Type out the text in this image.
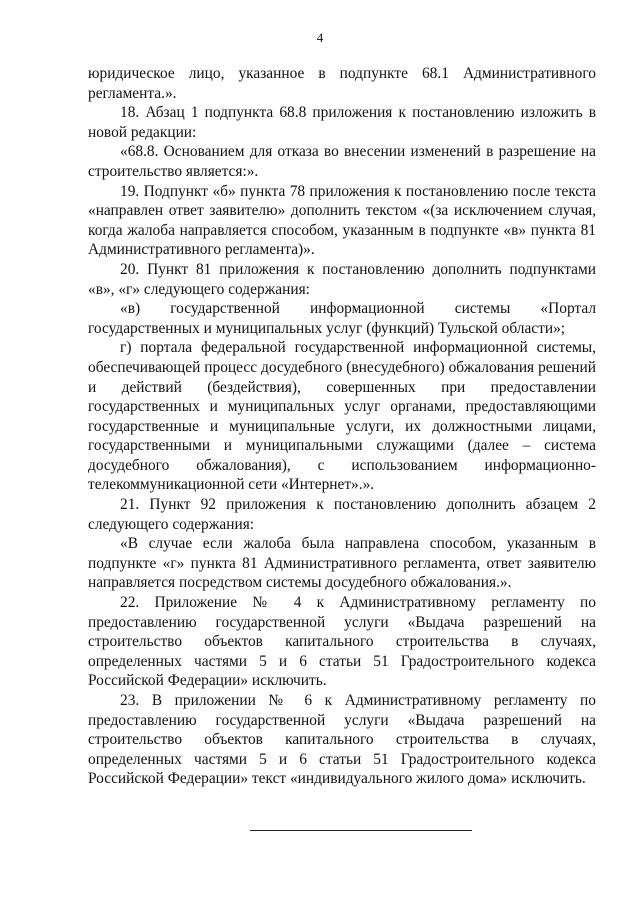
4

юридическое лицо, указанное в подпункте 68.1 Административного регламента.».

18. Абзац 1 подпункта 68.8 приложения к постановлению изложить в новой редакции:

«68.8. Основанием для отказа во внесении изменений в разрешение на строительство является:».

19. Подпункт «б» пункта 78 приложения к постановлению после текста «направлен ответ заявителю» дополнить текстом «(за исключением случая, когда жалоба направляется способом, указанным в подпункте «в» пункта 81 Административного регламента)».

20. Пункт 81 приложения к постановлению дополнить подпунктами «в», «г» следующего содержания:

«в) государственной информационной системы «Портал государственных и муниципальных услуг (функций) Тульской области»;

г) портала федеральной государственной информационной системы, обеспечивающей процесс досудебного (внесудебного) обжалования решений и действий (бездействия), совершенных при предоставлении государственных и муниципальных услуг органами, предоставляющими государственные и муниципальные услуги, их должностными лицами, государственными и муниципальными служащими (далее – система досудебного обжалования), с использованием информационно-телекоммуникационной сети «Интернет».».

21. Пункт 92 приложения к постановлению дополнить абзацем 2 следующего содержания:

«В случае если жалоба была направлена способом, указанным в подпункте «г» пункта 81 Административного регламента, ответ заявителю направляется посредством системы досудебного обжалования.».

22. Приложение № 4 к Административному регламенту по предоставлению государственной услуги «Выдача разрешений на строительство объектов капитального строительства в случаях, определенных частями 5 и 6 статьи 51 Градостроительного кодекса Российской Федерации» исключить.

23. В приложении № 6 к Административному регламенту по предоставлению государственной услуги «Выдача разрешений на строительство объектов капитального строительства в случаях, определенных частями 5 и 6 статьи 51 Градостроительного кодекса Российской Федерации» текст «индивидуального жилого дома» исключить.
